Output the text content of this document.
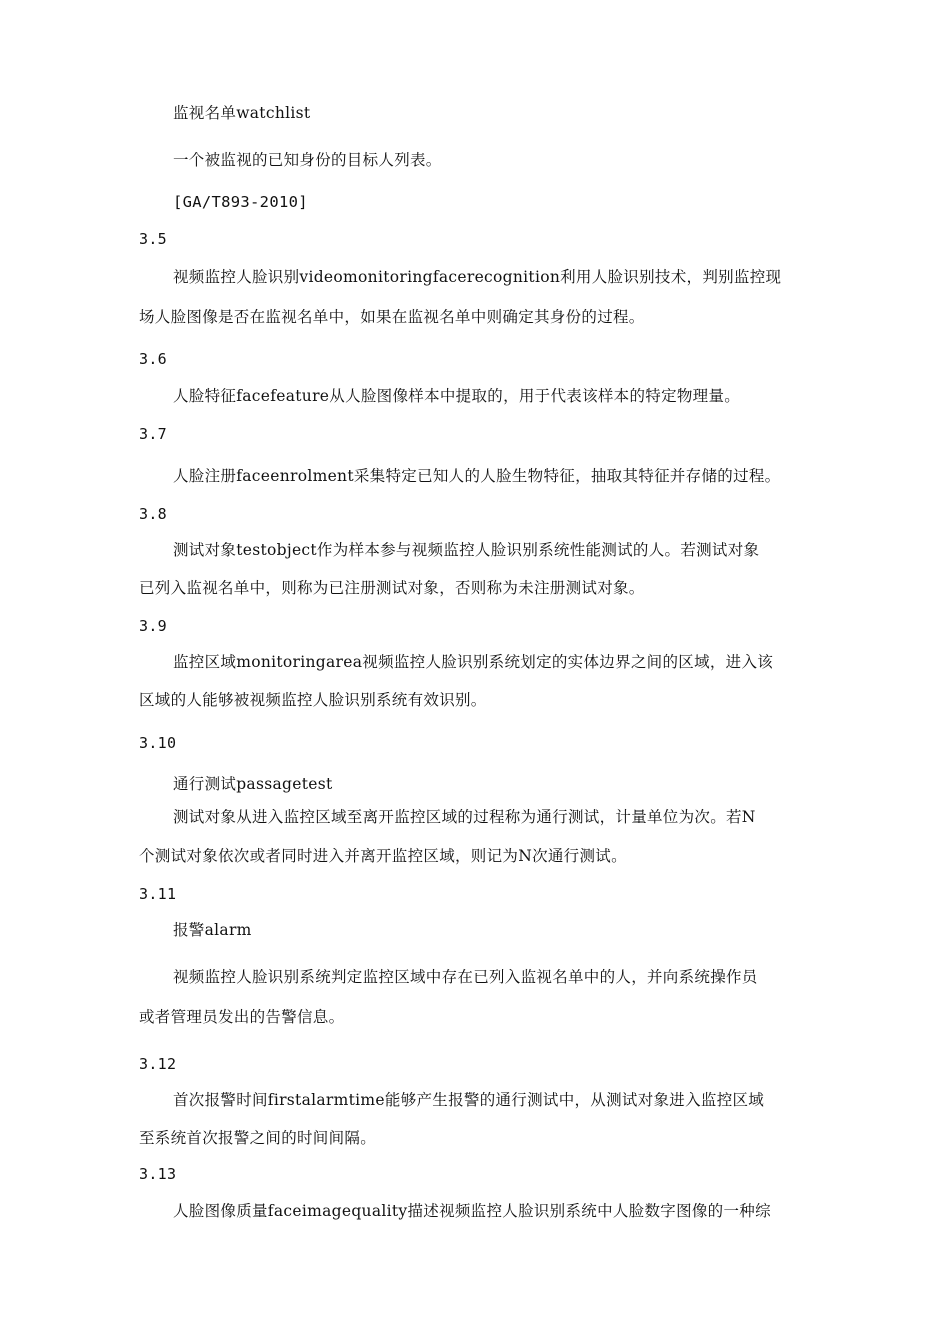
监视名单watchlist
一个被监视的已知身份的目标人列表。
[GA/T893-2010]
3.5
视频监控人脸识别videomonitoringfacerecognition利用人脸识别技术，判别监控现
场人脸图像是否在监视名单中，如果在监视名单中则确定其身份的过程。
3.6
人脸特征facefeature从人脸图像样本中提取的，用于代表该样本的特定物理量。
3.7
人脸注册faceenrolment采集特定已知人的人脸生物特征，抽取其特征并存储的过程。
3.8
测试对象testobject作为样本参与视频监控人脸识别系统性能测试的人。若测试对象
已列入监视名单中，则称为已注册测试对象，否则称为未注册测试对象。
3.9
监控区域monitoringarea视频监控人脸识别系统划定的实体边界之间的区域，进入该
区域的人能够被视频监控人脸识别系统有效识别。
3.10
通行测试passagetest
测试对象从进入监控区域至离开监控区域的过程称为通行测试，计量单位为次。若N
个测试对象依次或者同时进入并离开监控区域，则记为N次通行测试。
3.11
报警alarm
视频监控人脸识别系统判定监控区域中存在已列入监视名单中的人，并向系统操作员
或者管理员发出的告警信息。
3.12
首次报警时间firstalarmtime能够产生报警的通行测试中，从测试对象进入监控区域
至系统首次报警之间的时间间隔。
3.13
人脸图像质量faceimagequality描述视频监控人脸识别系统中人脸数字图像的一种综
